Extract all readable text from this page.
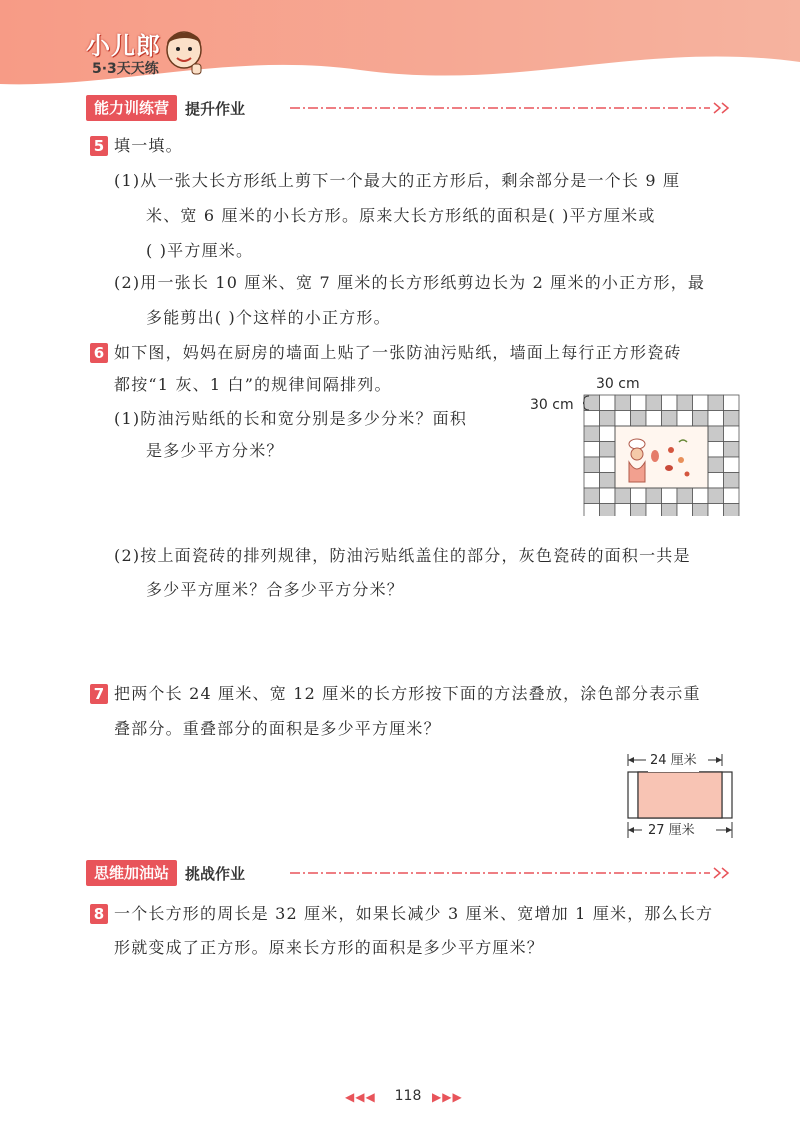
小儿郎
5·3天天练
能力训练营	提升作业
5 填一填。
(1)从一张大长方形纸上剪下一个最大的正方形后，剩余部分是一个长 9 厘
米、宽 6 厘米的小长方形。原来大长方形纸的面积是( )平方厘米或
( )平方厘米。
(2)用一张长 10 厘米、宽 7 厘米的长方形纸剪边长为 2 厘米的小正方形，最
多能剪出( )个这样的小正方形。
6 如下图，妈妈在厨房的墙面上贴了一张防油污贴纸，墙面上每行正方形瓷砖
都按“1 灰、1 白”的规律间隔排列。
(1)防油污贴纸的长和宽分别是多少分米？面积
是多少平方分米？
30 cm
30 cm
(2)按上面瓷砖的排列规律，防油污贴纸盖住的部分，灰色瓷砖的面积一共是
多少平方厘米？合多少平方分米？
7 把两个长 24 厘米、宽 12 厘米的长方形按下面的方法叠放，涂色部分表示重
叠部分。重叠部分的面积是多少平方厘米？
24 厘米
27 厘米
思维加油站	挑战作业
8 一个长方形的周长是 32 厘米，如果长减少 3 厘米、宽增加 1 厘米，那么长方
形就变成了正方形。原来长方形的面积是多少平方厘米？
◀◀◀	118 ▶▶▶
